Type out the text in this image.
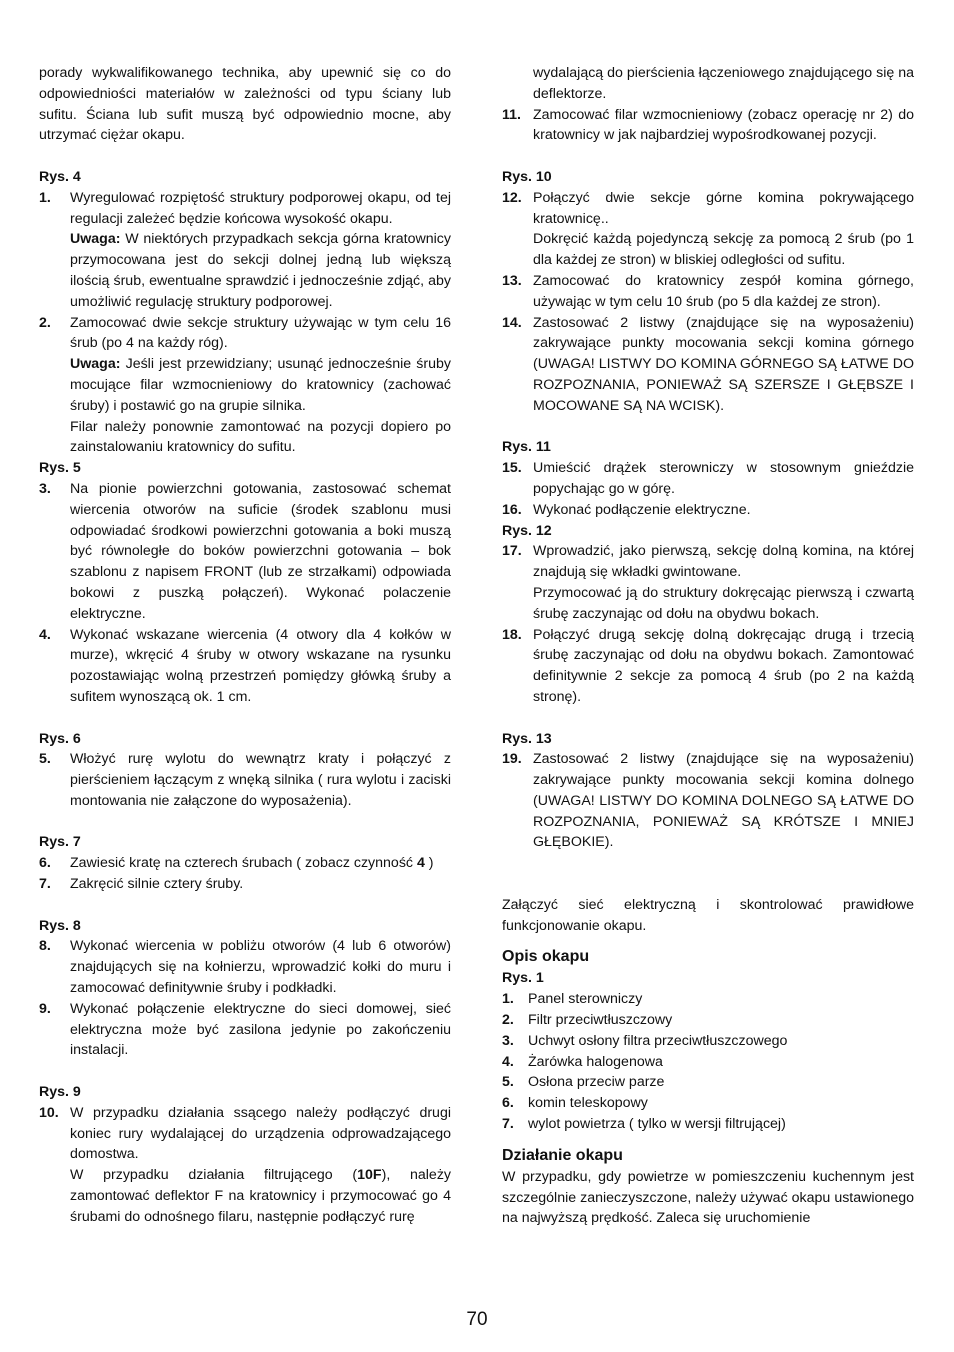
porady wykwalifikowanego technika, aby upewnić się co do odpowiedniości materiałów w zależności od typu ściany lub sufitu. Ściana lub sufit muszą być odpowiednio mocne, aby utrzymać ciężar okapu.

Rys. 4

1.	Wyregulować rozpiętość struktury podporowej okapu, od tej regulacji zależeć będzie końcowa wysokość okapu.

Uwaga: W niektórych przypadkach sekcja górna kratownicy przymocowana jest do sekcji dolnej jedną lub większą ilością śrub, ewentualne sprawdzić i jednocześnie zdjąć, aby umożliwić regulację struktury podporowej.

2.	Zamocować dwie sekcje struktury używając w tym celu 16 śrub (po 4 na każdy róg).

Uwaga: Jeśli jest przewidziany; usunąć jednocześnie śruby mocujące filar wzmocnieniowy do kratownicy (zachować śruby) i postawić go na grupie silnika.

Filar należy ponownie zamontować na pozycji dopiero po zainstalowaniu kratownicy do sufitu.

Rys. 5

3.	Na pionie powierzchni gotowania, zastosować schemat wiercenia otworów na suficie (środek szablonu musi odpowiadać środkowi powierzchni gotowania a boki muszą być równoległe do boków powierzchni gotowania – bok szablonu z napisem FRONT (lub ze strzałkami) odpowiada bokowi z puszką połączeń). Wykonać polaczenie elektryczne.

4.	Wykonać wskazane wiercenia (4 otwory dla 4 kołków w murze), wkręcić 4 śruby w otwory wskazane na rysunku pozostawiając wolną przestrzeń pomiędzy główką śruby a sufitem wynoszącą ok. 1 cm.

Rys. 6

5.	Włożyć rurę wylotu do wewnątrz kraty i połączyć z pierścieniem łączącym z wnęką silnika ( rura wylotu i zaciski montowania nie załączone do wyposażenia).

Rys. 7

6.	Zawiesić kratę na czterech śrubach ( zobacz czynność 4 )

7.	Zakręcić silnie cztery śruby.

Rys. 8

8.	Wykonać wiercenia w pobliżu otworów (4 lub 6 otworów) znajdujących się na kołnierzu, wprowadzić kołki do muru i zamocować definitywnie śruby i podkładki.

9.	Wykonać połączenie elektryczne do sieci domowej, sieć elektryczna może być zasilona jedynie po zakończeniu instalacji.

Rys. 9

10. W przypadku działania ssącego należy podłączyć drugi koniec rury wydalającej do urządzenia odprowadzającego domostwa.

W przypadku działania filtrującego (10F), należy zamontować deflektor F na kratownicy i przymocować go 4 śrubami do odnośnego filaru, następnie podłączyć rurę

wydalającą do pierścienia łączeniowego znajdującego się na deflektorze.

11. Zamocować filar wzmocnieniowy (zobacz operację nr 2) do kratownicy w jak najbardziej wypośrodkowanej pozycji.

Rys. 10

12. Połączyć dwie sekcje górne komina pokrywającego kratownicę..

Dokręcić każdą pojedynczą sekcję za pomocą 2 śrub (po 1 dla każdej ze stron) w bliskiej odległości od sufitu.

13. Zamocować do kratownicy zespół komina górnego, używając w tym celu 10 śrub (po 5 dla każdej ze stron).

14. Zastosować 2 listwy (znajdujące się na wyposażeniu) zakrywające punkty mocowania sekcji komina górnego (UWAGA! LISTWY DO KOMINA GÓRNEGO SĄ ŁATWE DO ROZPOZNANIA, PONIEWAŻ SĄ SZERSZE I GŁĘBSZE I MOCOWANE SĄ NA WCISK).

Rys. 11

15. Umieścić drążek sterowniczy w stosownym gnieździe popychając go w górę.

16. Wykonać podłączenie elektryczne.

Rys. 12

17. Wprowadzić, jako pierwszą, sekcję dolną komina, na której znajdują się wkładki gwintowane.

Przymocować ją do struktury dokręcając pierwszą i czwartą śrubę zaczynając od dołu na obydwu bokach.

18. Połączyć drugą sekcję dolną dokręcając drugą i trzecią śrubę zaczynając od dołu na obydwu bokach. Zamontować definitywnie 2 sekcje za pomocą 4 śrub (po 2 na każdą stronę).

Rys. 13

19. Zastosować 2 listwy (znajdujące się na wyposażeniu) zakrywające punkty mocowania sekcji komina dolnego (UWAGA! LISTWY DO KOMINA DOLNEGO SĄ ŁATWE DO ROZPOZNANIA, PONIEWAŻ SĄ KRÓTSZE I MNIEJ GŁĘBOKIE).

Załączyć sieć elektryczną i skontrolować prawidłowe funkcjonowanie okapu.

Opis okapu

Rys. 1

1. Panel sterowniczy
2. Filtr przeciwtłuszczowy
3. Uchwyt osłony filtra przeciwtłuszczowego
4. Żarówka halogenowa
5. Osłona przeciw parze
6. komin teleskopowy
7. wylot powietrza ( tylko w wersji filtrującej)

Działanie okapu

W przypadku, gdy powietrze w pomieszczeniu kuchennym jest szczególnie zanieczyszczone, należy używać okapu ustawionego na najwyższą prędkość. Zaleca się uruchomienie

70
